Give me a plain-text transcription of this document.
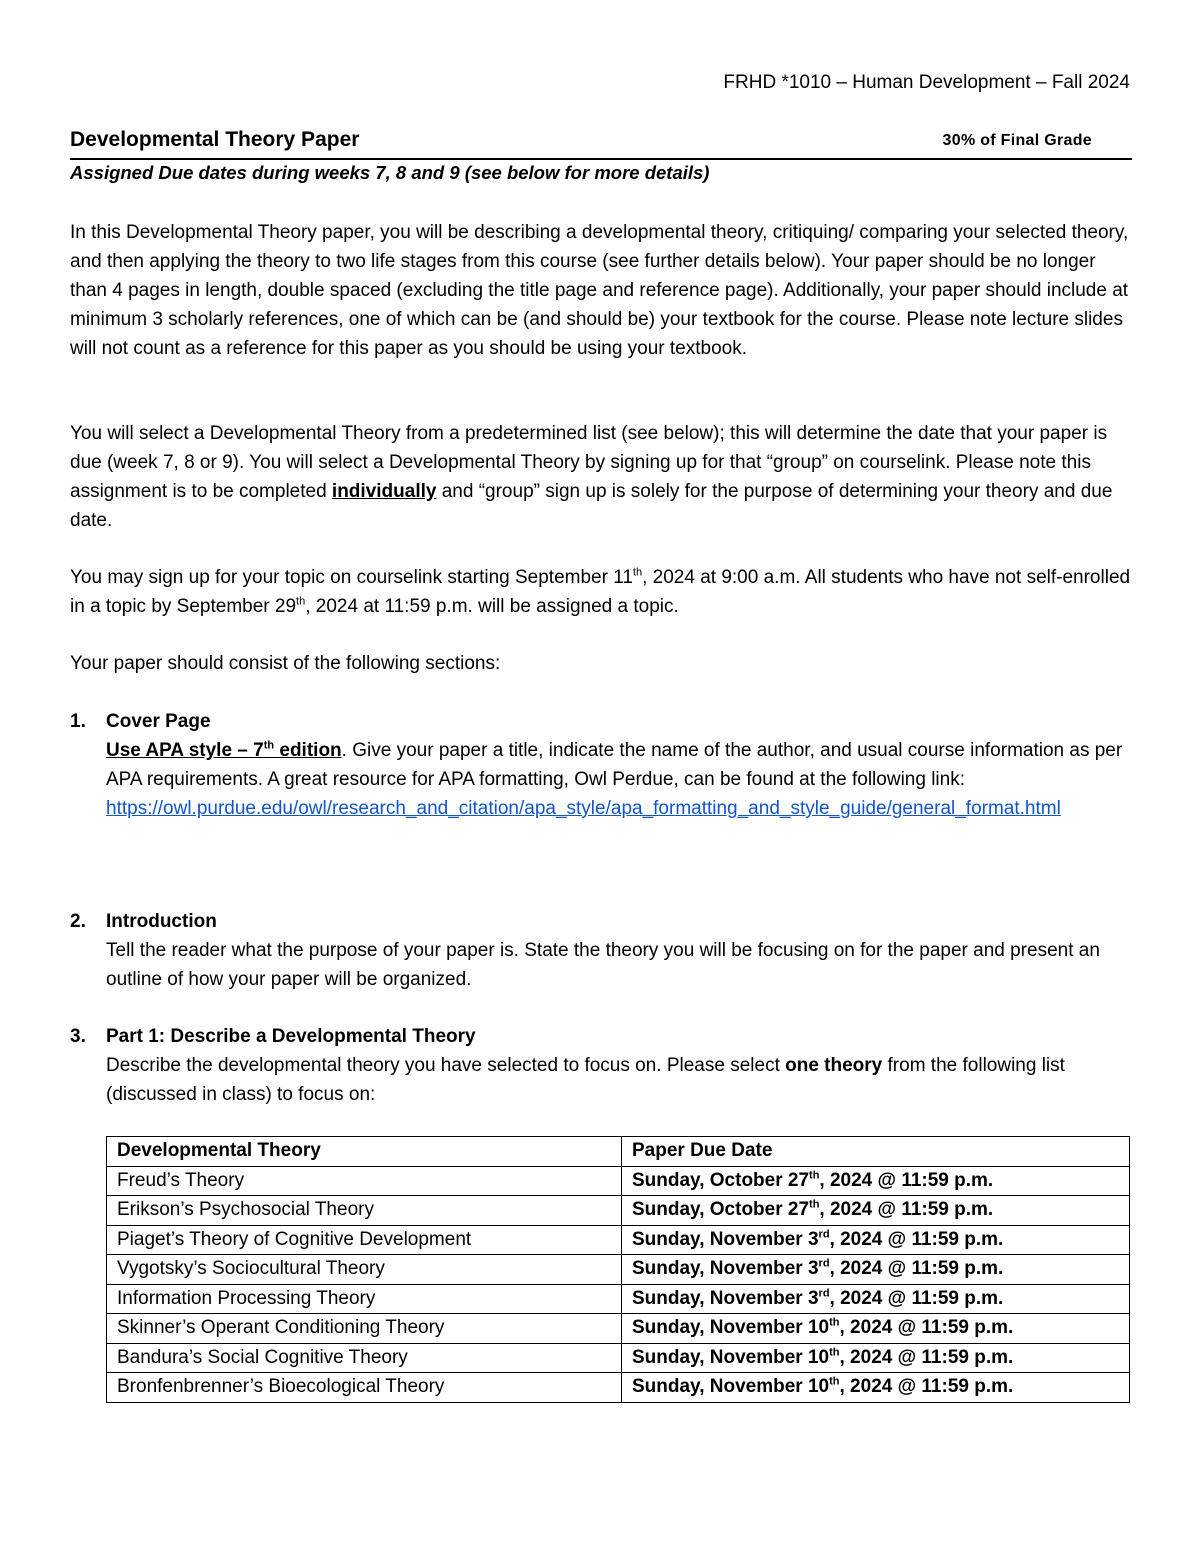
FRHD *1010 – Human Development – Fall 2024
Developmental Theory Paper	30% of Final Grade
Assigned Due dates during weeks 7, 8 and 9 (see below for more details)

In this Developmental Theory paper, you will be describing a developmental theory, critiquing/ comparing your selected theory, and then applying the theory to two life stages from this course (see further details below). Your paper should be no longer than 4 pages in length, double spaced (excluding the title page and reference page). Additionally, your paper should include at minimum 3 scholarly references, one of which can be (and should be) your textbook for the course. Please note lecture slides will not count as a reference for this paper as you should be using your textbook.

You will select a Developmental Theory from a predetermined list (see below); this will determine the date that your paper is due (week 7, 8 or 9). You will select a Developmental Theory by signing up for that “group” on courselink. Please note this assignment is to be completed individually and “group” sign up is solely for the purpose of determining your theory and due date.

You may sign up for your topic on courselink starting September 11th, 2024 at 9:00 a.m. All students who have not self-enrolled in a topic by September 29th, 2024 at 11:59 p.m. will be assigned a topic.

Your paper should consist of the following sections:

1. Cover Page
Use APA style – 7th edition. Give your paper a title, indicate the name of the author, and usual course information as per APA requirements. A great resource for APA formatting, Owl Perdue, can be found at the following link:
https://owl.purdue.edu/owl/research_and_citation/apa_style/apa_formatting_and_style_guide/general_format.html
2. Introduction
Tell the reader what the purpose of your paper is. State the theory you will be focusing on for the paper and present an outline of how your paper will be organized.
3. Part 1: Describe a Developmental Theory
Describe the developmental theory you have selected to focus on. Please select one theory from the following list (discussed in class) to focus on:
Developmental Theory	Paper Due Date
Freud’s Theory	Sunday, October 27th, 2024 @ 11:59 p.m.
Erikson’s Psychosocial Theory	Sunday, October 27th, 2024 @ 11:59 p.m.
Piaget’s Theory of Cognitive Development	Sunday, November 3rd, 2024 @ 11:59 p.m.
Vygotsky’s Sociocultural Theory	Sunday, November 3rd, 2024 @ 11:59 p.m.
Information Processing Theory	Sunday, November 3rd, 2024 @ 11:59 p.m.
Skinner’s Operant Conditioning Theory	Sunday, November 10th, 2024 @ 11:59 p.m.
Bandura’s Social Cognitive Theory	Sunday, November 10th, 2024 @ 11:59 p.m.
Bronfenbrenner’s Bioecological Theory	Sunday, November 10th, 2024 @ 11:59 p.m.
